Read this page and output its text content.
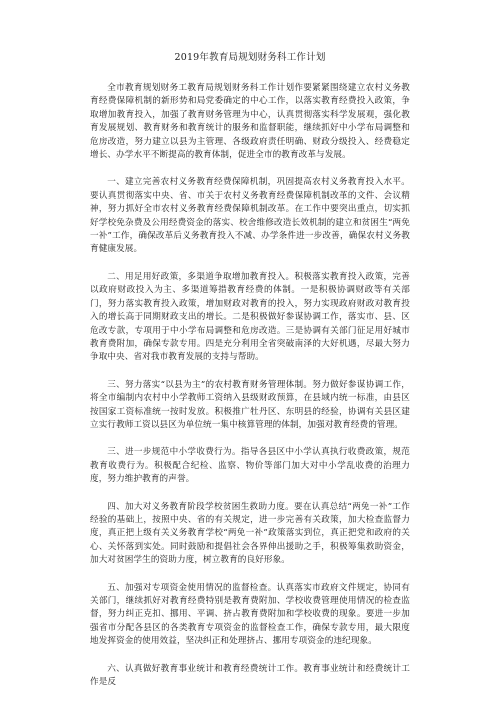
2019年教育局规划财务科工作计划

全市教育规划财务工教育局规划财务科工作计划作要紧紧围绕建立农村义务教育经费保障机制的新形势和局党委确定的中心工作，以落实教育经费投入政策，争取增加教育投入，加强了教育财务管理为中心，认真贯彻落实科学发展观，强化教育发展规划、教育财务和教育统计的服务和监督职能，继续抓好中小学布局调整和危房改造，努力建立以县为主管理、各级政府责任明确、财政分级投入、经费稳定增长、办学水平不断提高的教育体制，促进全市的教育改革与发展。

一、建立完善农村义务教育经费保障机制，巩固提高农村义务教育投入水平。要认真贯彻落实中央、省、市关于农村义务教育经费保障机制改革的文件、会议精神，努力抓好全市农村义务教育经费保障机制改革。在工作中要突出重点，切实抓好学校免杂费及公用经费资金的落实、校舍维修改造长效机制的建立和贫困生“两免一补”工作，确保改革后义务教育投入不减、办学条件进一步改善，确保农村义务教育健康发展。

二、用足用好政策，多渠道争取增加教育投入。积极落实教育投入政策，完善以政府财政投入为主、多渠道筹措教育经费的体制。一是积极协调财政等有关部门，努力落实教育投入政策，增加财政对教育的投入，努力实现政府财政对教育投入的增长高于同期财政支出的增长。二是积极做好参谋协调工作，落实市、县、区危改专款，专项用于中小学布局调整和危房改造。三是协调有关部门征足用好城市教育费附加，确保专款专用。四是充分利用全省突破南泽的大好机遇，尽最大努力争取中央、省对我市教育发展的支持与帮助。

三、努力落实“以县为主”的农村教育财务管理体制。努力做好参谋协调工作，将全市编制内农村中小学教师工资纳入县级财政预算，在县域内统一标准，由县区按国家工资标准统一按时发放。积极推广牡丹区、东明县的经验，协调有关县区建立实行教师工资以县区为单位统一集中核算管理的体制，加强对教育经费的管理。

三、进一步规范中小学收费行为。指导各县区中小学认真执行收费政策，规范教育收费行为。积极配合纪检、监察、物价等部门加大对中小学乱收费的治理力度，努力维护教育的声誉。

四、加大对义务教育阶段学校贫困生救助力度。要在认真总结“两免一补”工作经验的基础上，按照中央、省的有关规定，进一步完善有关政策，加大检查监督力度，真正把上级有关义务教育学校“两免一补”政策落实到位，真正把党和政府的关心、关怀落到实处。同时鼓励和提倡社会各界伸出援助之手，积极筹集救助资金，加大对贫困学生的资助力度，树立教育的良好形象。

五、加强对专项资金使用情况的监督检查。认真落实市政府文件规定，协同有关部门，继续抓好对教育经费特别是教育费附加、学校收费管理使用情况的检查监督，努力纠正克扣、挪用、平调、挤占教育费附加和学校收费的现象。要进一步加强省市分配各县区的各类教育专项资金的监督检查工作，确保专款专用，最大限度地发挥资金的使用效益，坚决纠正和处理挤占、挪用专项资金的违纪现象。

六、认真做好教育事业统计和教育经费统计工作。教育事业统计和经费统计工作是反
